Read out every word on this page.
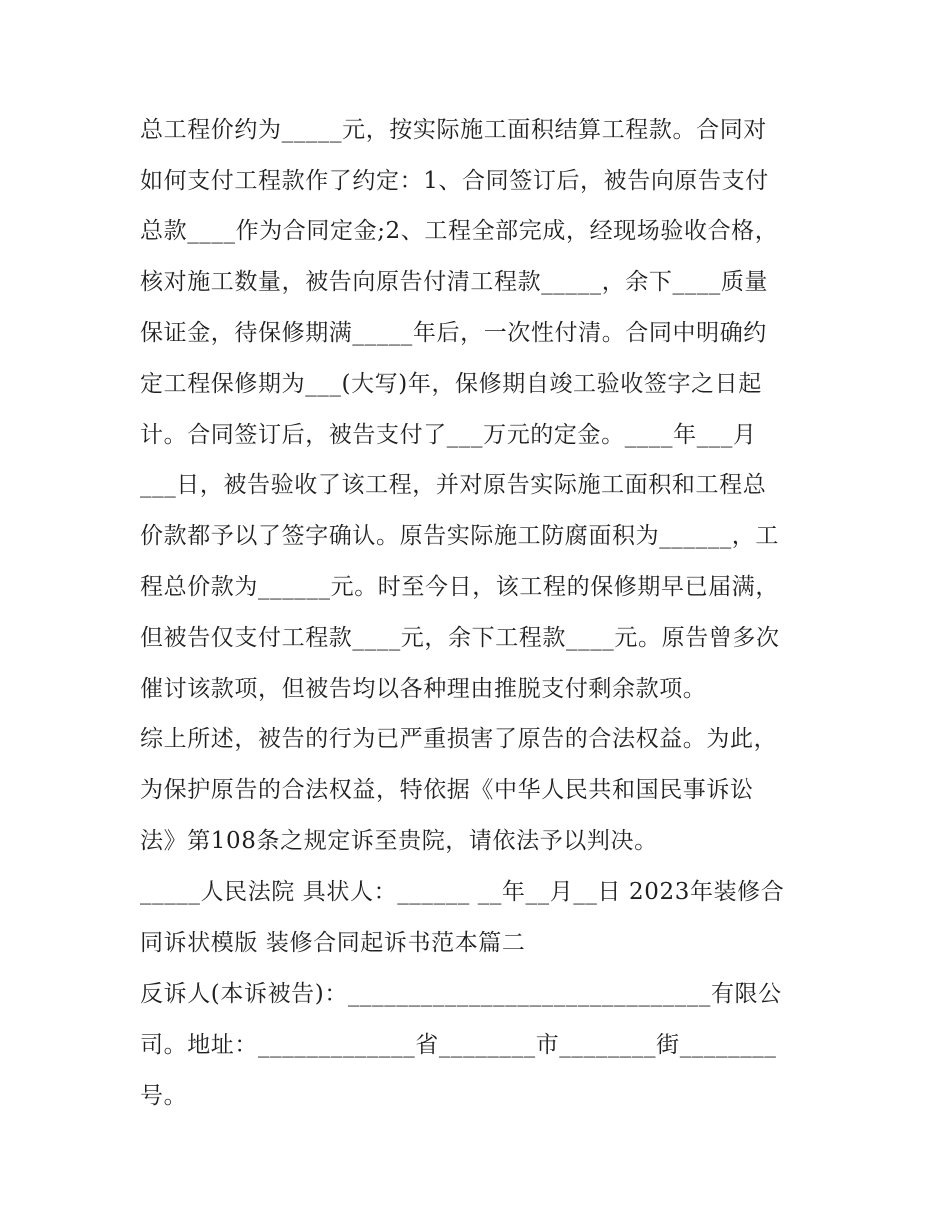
总工程价约为_____元，按实际施工面积结算工程款。合同对
如何支付工程款作了约定：1、合同签订后，被告向原告支付
总款____作为合同定金;2、工程全部完成，经现场验收合格，
核对施工数量，被告向原告付清工程款_____，余下____质量
保证金，待保修期满_____年后，一次性付清。合同中明确约
定工程保修期为___(大写)年，保修期自竣工验收签字之日起
计。合同签订后，被告支付了___万元的定金。____年___月
___日，被告验收了该工程，并对原告实际施工面积和工程总
价款都予以了签字确认。原告实际施工防腐面积为______，工
程总价款为______元。时至今日，该工程的保修期早已届满，
但被告仅支付工程款____元，余下工程款____元。原告曾多次
催讨该款项，但被告均以各种理由推脱支付剩余款项。
综上所述，被告的行为已严重损害了原告的合法权益。为此，
为保护原告的合法权益，特依据《中华人民共和国民事诉讼
法》第108条之规定诉至贵院，请依法予以判决。
_____人民法院 具状人：______ __年__月__日 2023年装修合
同诉状模版 装修合同起诉书范本篇二
反诉人(本诉被告)：______________________________有限公
司。地址：_____________省________市________街________
号。
